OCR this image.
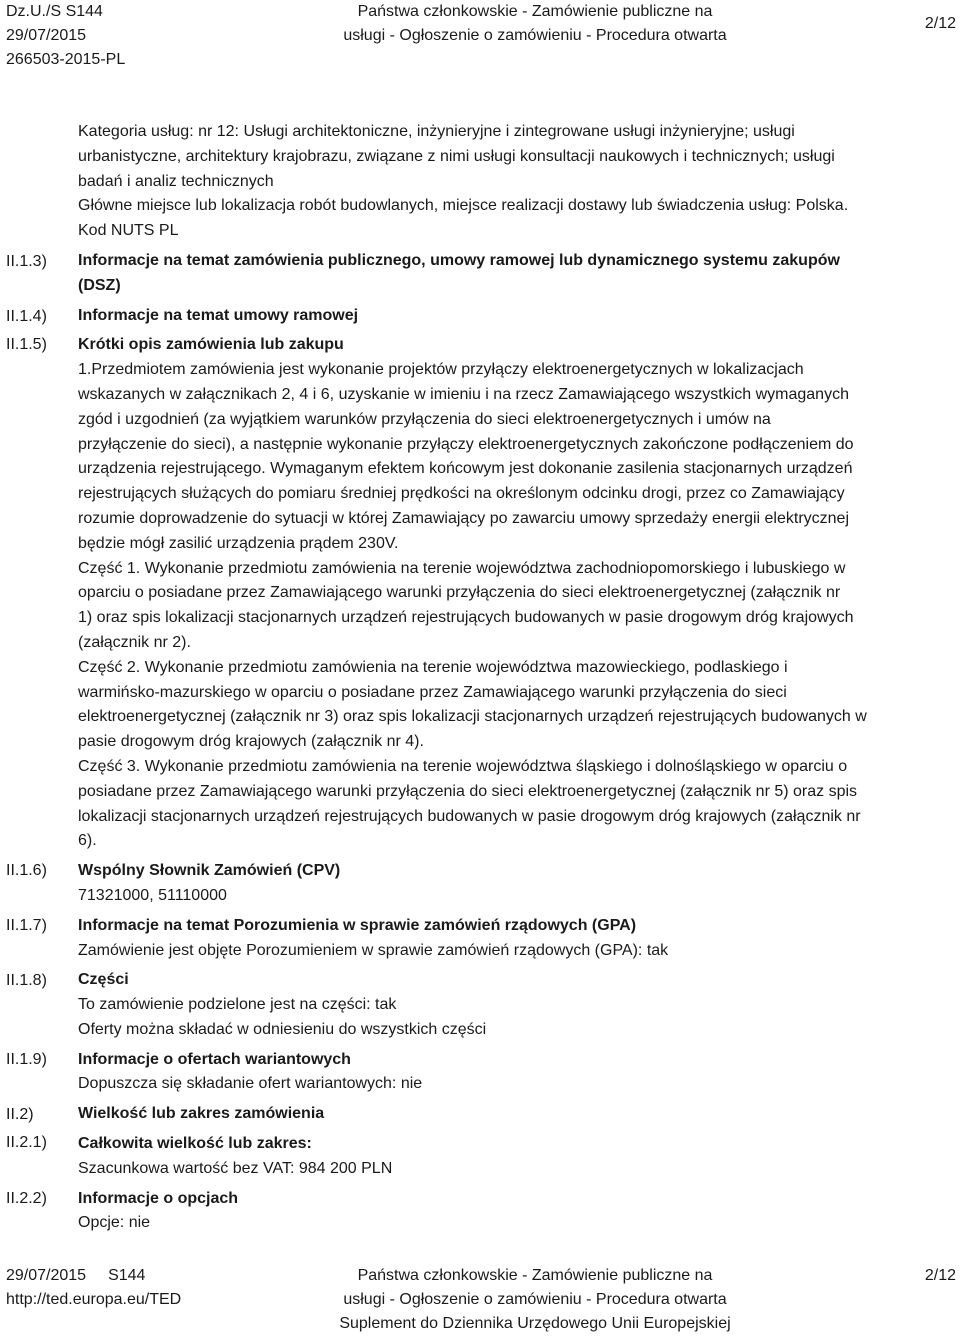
Dz.U./S S144
29/07/2015
266503-2015-PL
Państwa członkowskie - Zamówienie publiczne na
usługi - Ogłoszenie o zamówieniu - Procedura otwarta
2/12
II.1.3)
II.1.4)
II.1.5)
II.1.6)
II.1.7)
II.1.8)
II.1.9)
II.2)
II.2.1)
II.2.2)

Kategoria usług: nr 12: Usługi architektoniczne, inżynieryjne i zintegrowane usługi inżynieryjne; usługi

urbanistyczne, architektury krajobrazu, związane z nimi usługi konsultacji naukowych i technicznych; usługi

badań i analiz technicznych

Główne miejsce lub lokalizacja robót budowlanych, miejsce realizacji dostawy lub świadczenia usług: Polska.

Kod NUTS PL

Informacje na temat zamówienia publicznego, umowy ramowej lub dynamicznego systemu zakupów

(DSZ)

Informacje na temat umowy ramowej

Krótki opis zamówienia lub zakupu

1.Przedmiotem zamówienia jest wykonanie projektów przyłączy elektroenergetycznych w lokalizacjach

wskazanych w załącznikach 2, 4 i 6, uzyskanie w imieniu i na rzecz Zamawiającego wszystkich wymaganych

zgód i uzgodnień (za wyjątkiem warunków przyłączenia do sieci elektroenergetycznych i umów na

przyłączenie do sieci), a następnie wykonanie przyłączy elektroenergetycznych zakończone podłączeniem do

urządzenia rejestrującego. Wymaganym efektem końcowym jest dokonanie zasilenia stacjonarnych urządzeń

rejestrujących służących do pomiaru średniej prędkości na określonym odcinku drogi, przez co Zamawiający

rozumie doprowadzenie do sytuacji w której Zamawiający po zawarciu umowy sprzedaży energii elektrycznej

będzie mógł zasilić urządzenia prądem 230V.

Część 1. Wykonanie przedmiotu zamówienia na terenie województwa zachodniopomorskiego i lubuskiego w

oparciu o posiadane przez Zamawiającego warunki przyłączenia do sieci elektroenergetycznej (załącznik nr

1) oraz spis lokalizacji stacjonarnych urządzeń rejestrujących budowanych w pasie drogowym dróg krajowych

(załącznik nr 2).

Część 2. Wykonanie przedmiotu zamówienia na terenie województwa mazowieckiego, podlaskiego i

warmińsko-mazurskiego w oparciu o posiadane przez Zamawiającego warunki przyłączenia do sieci

elektroenergetycznej (załącznik nr 3) oraz spis lokalizacji stacjonarnych urządzeń rejestrujących budowanych w

pasie drogowym dróg krajowych (załącznik nr 4).

Część 3. Wykonanie przedmiotu zamówienia na terenie województwa śląskiego i dolnośląskiego w oparciu o

posiadane przez Zamawiającego warunki przyłączenia do sieci elektroenergetycznej (załącznik nr 5) oraz spis

lokalizacji stacjonarnych urządzeń rejestrujących budowanych w pasie drogowym dróg krajowych (załącznik nr

6).

Wspólny Słownik Zamówień (CPV)

71321000, 51110000

Informacje na temat Porozumienia w sprawie zamówień rządowych (GPA)

Zamówienie jest objęte Porozumieniem w sprawie zamówień rządowych (GPA): tak

Części

To zamówienie podzielone jest na części: tak

Oferty można składać w odniesieniu do wszystkich części

Informacje o ofertach wariantowych

Dopuszcza się składanie ofert wariantowych: nie

Wielkość lub zakres zamówienia

Całkowita wielkość lub zakres:

Szacunkowa wartość bez VAT: 984 200 PLN

Informacje o opcjach

Opcje: nie

29/07/2015 S144
http://ted.europa.eu/TED
Państwa członkowskie - Zamówienie publiczne na
usługi - Ogłoszenie o zamówieniu - Procedura otwarta
Suplement do Dziennika Urzędowego Unii Europejskiej
2/12
